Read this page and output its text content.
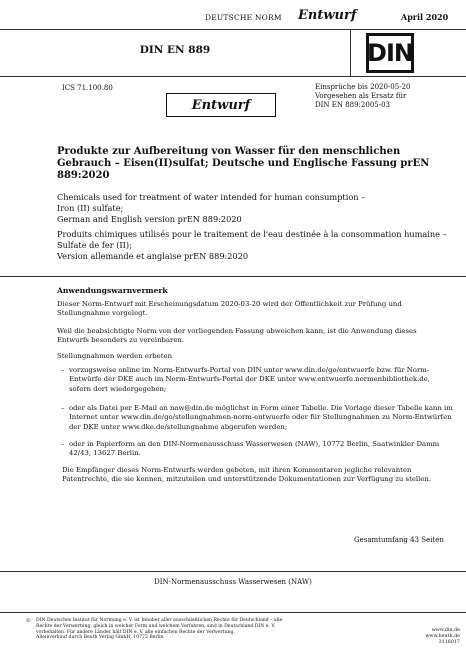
DEUTSCHE NORM Entwurf	April 2020
DIN EN 889	DIN
ICS 71.100.80	Einsprüche bis 2020-05-20
Vorgesehen als Ersatz für
DIN EN 889:2005-03
Entwurf
Produkte zur Aufbereitung von Wasser für den menschlichen Gebrauch – Eisen(II)sulfat; Deutsche und Englische Fassung prEN 889:2020
Chemicals used for treatment of water intended for human consumption –
Iron (II) sulfate;
German and English version prEN 889:2020
Produits chimiques utilisés pour le traitement de l'eau destinée à la consommation humaine –
Sulfate de fer (II);
Version allemande et anglaise prEN 889:2020
Anwendungswarnvermerk
Dieser Norm-Entwurf mit Erscheinungsdatum 2020-03-20 wird der Öffentlichkeit zur Prüfung und Stellungnahme vorgelegt.
Weil die beabsichtigte Norm von der vorliegenden Fassung abweichen kann, ist die Anwendung dieses Entwurfs besonders zu vereinbaren.
Stellungnahmen werden erbeten
– vorzugsweise online im Norm-Entwurfs-Portal von DIN unter www.din.de/go/entwuerfe bzw. für Norm-Entwürfe der DKE auch im Norm-Entwurfs-Portal der DKE unter www.entwuerfe.normenbibliothek.de, sofern dort wiedergegeben;
– oder als Datei per E-Mail an naw@din.de möglichst in Form einer Tabelle. Die Vorlage dieser Tabelle kann im Internet unter www.din.de/go/stellungnahmen-norm-entwuerfe oder für Stellungnahmen zu Norm-Entwürfen der DKE unter www.dke.de/stellungnahme abgerufen werden;
– oder in Papierform an den DIN-Normenausschuss Wasserwesen (NAW), 10772 Berlin, Saatwinkler Damm 42/43, 13627 Berlin.
Die Empfänger dieses Norm-Entwurfs werden gebeten, mit ihren Kommentaren jegliche relevanten Patentrechte, die sie kennen, mitzuteilen und unterstützende Dokumentationen zur Verfügung zu stellen.
Gesamtumfang 43 Seiten
DIN-Normenausschuss Wasserwesen (NAW)
© DIN Deutsches Institut für Normung e. V. ist Inhaber aller ausschließlichen Rechte für Deutschland – alle
Rechte der Verwertung, gleich in welcher Form und welchem Verfahren, sind in Deutschland DIN e. V.
vorbehalten. Für andere Länder hält DIN e. V. alle einfachen Rechte der Verwertung.
Alleinverkauf durch Beuth Verlag GmbH, 10772 Berlin
www.din.de
www.beuth.de
3116017
